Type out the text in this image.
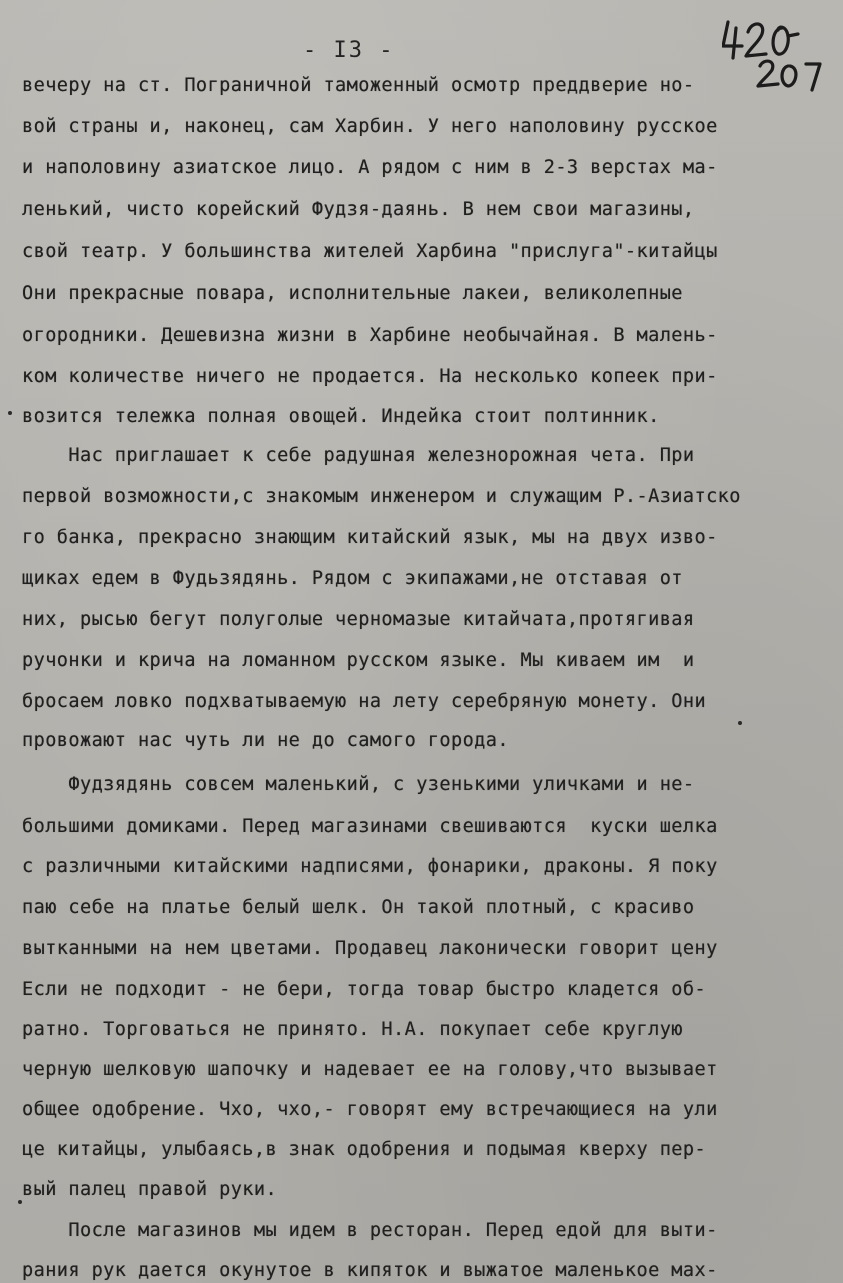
- I3 -
вечеру на ст. Пограничной таможенный осмотр преддверие но-
вой страны и, наконец, сам Харбин. У него наполовину русское
и наполовину азиатское лицо. А рядом с ним в 2-3 верстах ма-
ленький, чисто корейский Фудзя-даянь. В нем свои магазины,
свой театр. У большинства жителей Харбина "прислуга"-китайцы
Они прекрасные повара, исполнительные лакеи, великолепные
огородники. Дешевизна жизни в Харбине необычайная. В малень-
ком количестве ничего не продается. На несколько копеек при-
возится тележка полная овощей. Индейка стоит полтинник.
Нас приглашает к себе радушная железнорожная чета. При
первой возможности,с знакомым инженером и служащим Р.-Азиатско
го банка, прекрасно знающим китайский язык, мы на двух изво-
щиках едем в Фудьзядянь. Рядом с экипажами,не отставая от
них, рысью бегут полуголые черномазые китайчата,протягивая
ручонки и крича на ломанном русском языке. Мы киваем им  и
бросаем ловко подхватываемую на лету серебряную монету. Они
провожают нас чуть ли не до самого города.
Фудзядянь совсем маленький, с узенькими уличками и не-
большими домиками. Перед магазинами свешиваются  куски шелка
с различными китайскими надписями, фонарики, драконы. Я поку
паю себе на платье белый шелк. Он такой плотный, с красиво
вытканными на нем цветами. Продавец лаконически говорит цену
Если не подходит - не бери, тогда товар быстро кладется об-
ратно. Торговаться не принято. Н.А. покупает себе круглую
черную шелковую шапочку и надевает ее на голову,что вызывает
общее одобрение. Чхо, чхо,- говорят ему встречающиеся на ули
це китайцы, улыбаясь,в знак одобрения и подымая кверху пер-
вый палец правой руки.
После магазинов мы идем в ресторан. Перед едой для выти-
рания рук дается окунутое в кипяток и выжатое маленькое мах-
